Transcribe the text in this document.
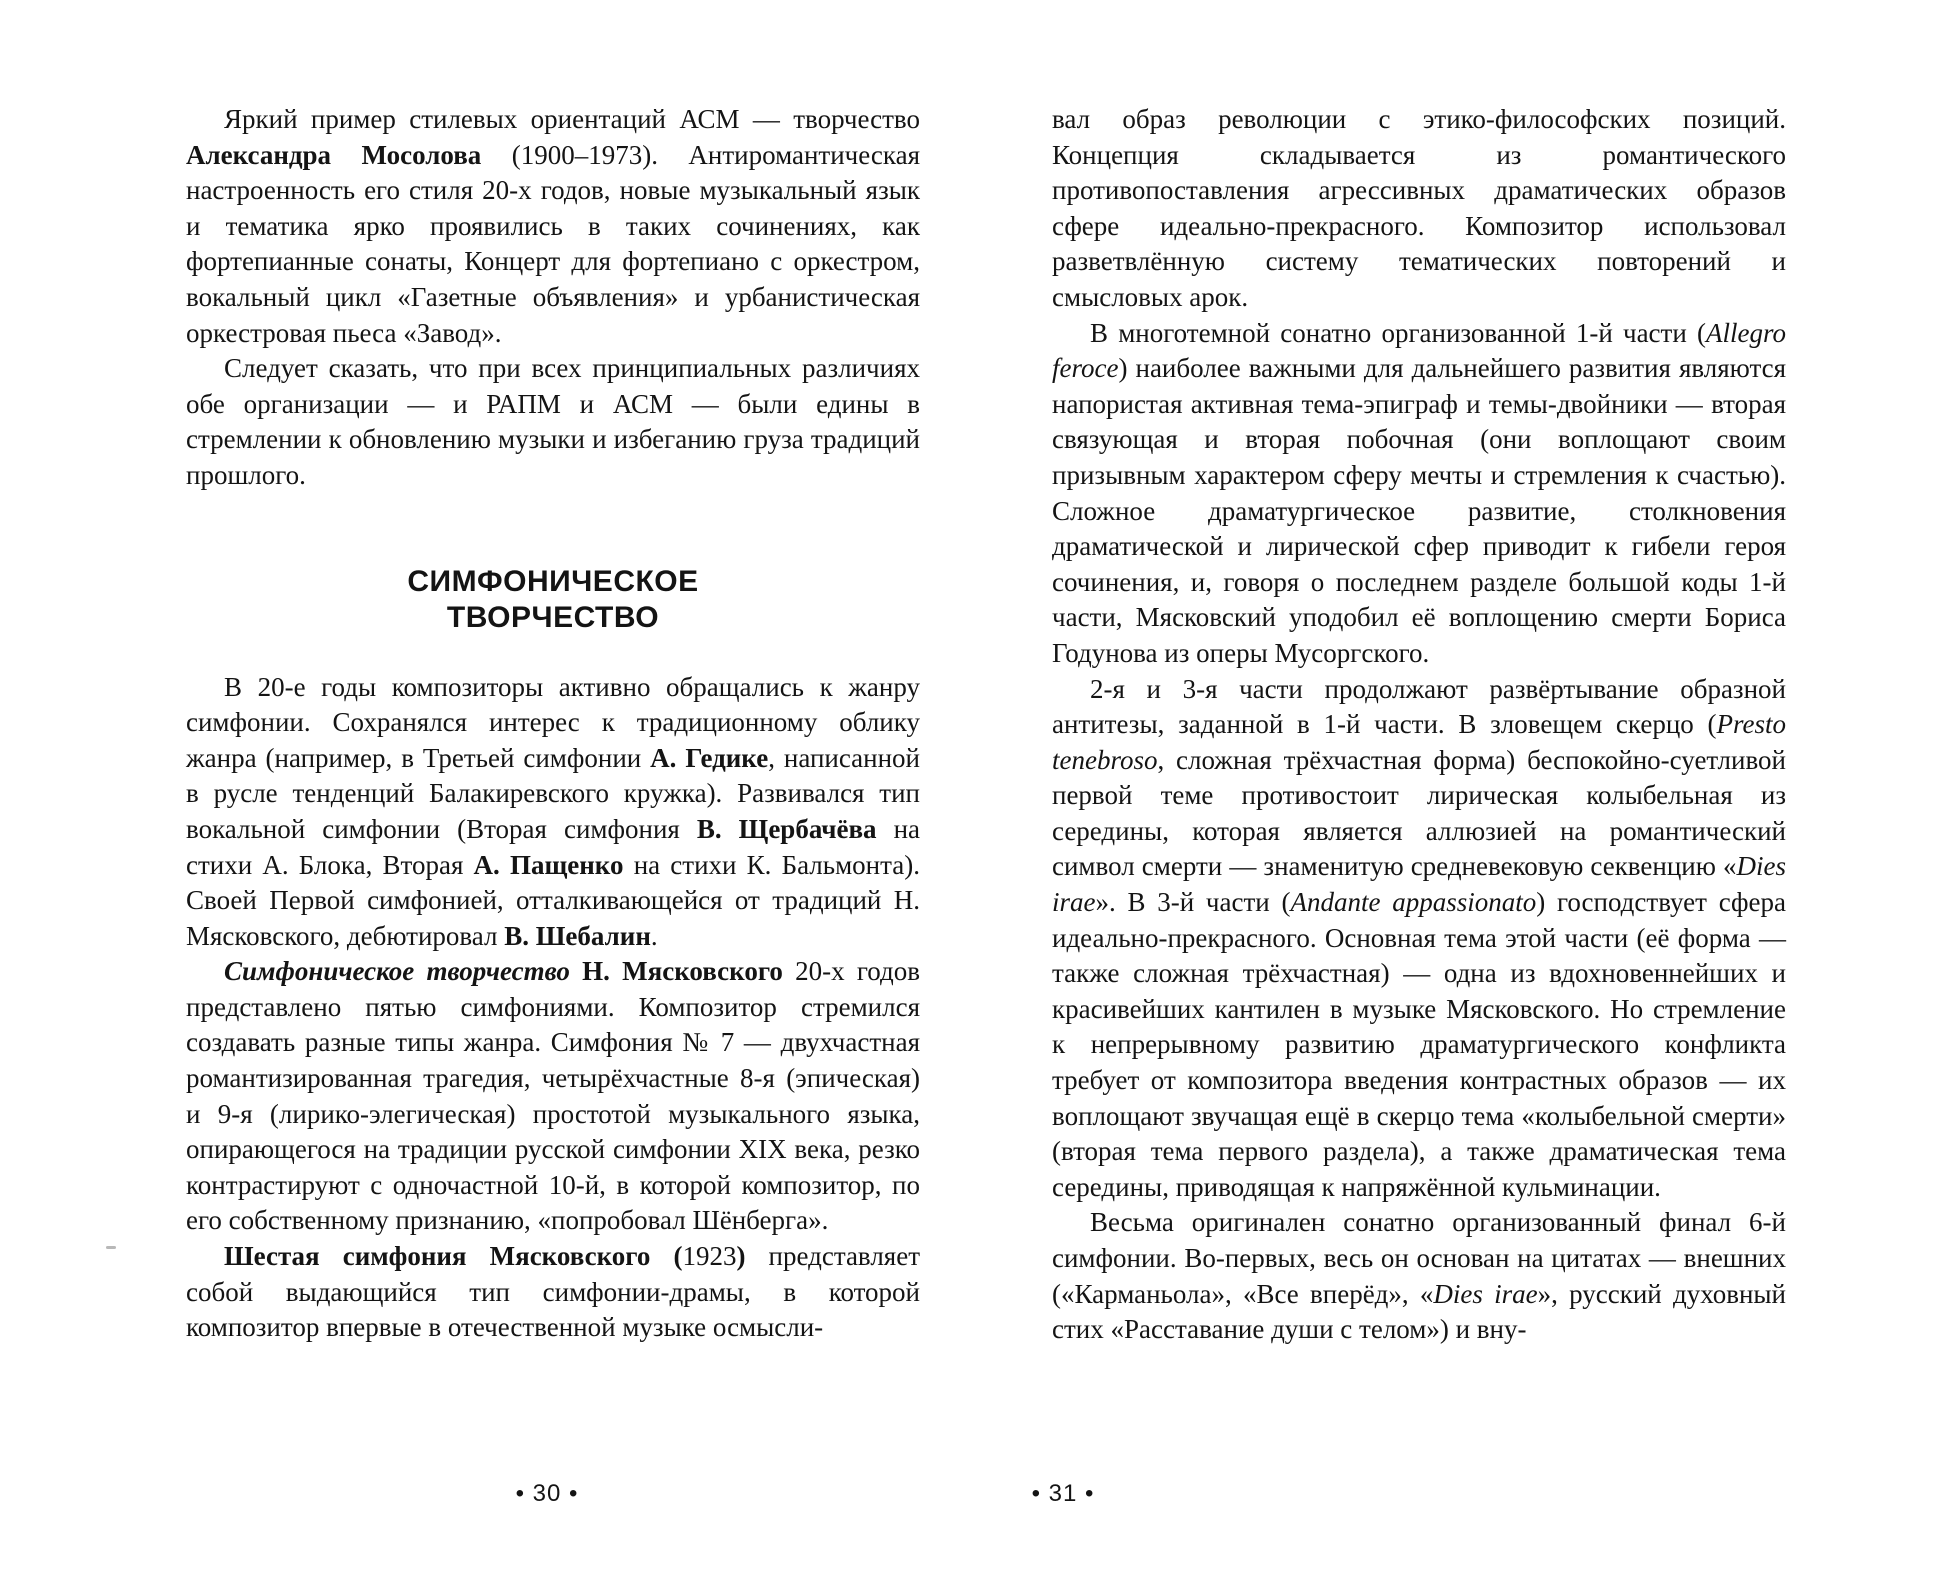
Яркий пример стилевых ориентаций АСМ — творчество Александра Мосолова (1900–1973). Антиромантическая настроенность его стиля 20-х годов, новые музыкальный язык и тематика ярко проявились в таких сочинениях, как фортепианные сонаты, Концерт для фортепиано с оркестром, вокальный цикл «Газетные объявления» и урбанистическая оркестровая пьеса «Завод».

Следует сказать, что при всех принципиальных различиях обе организации — и РАПМ и АСМ — были едины в стремлении к обновлению музыки и избеганию груза традиций прошлого.

СИМФОНИЧЕСКОЕ
ТВОРЧЕСТВО

В 20-е годы композиторы активно обращались к жанру симфонии. Сохранялся интерес к традиционному облику жанра (например, в Третьей симфонии А. Гедике, написанной в русле тенденций Балакиревского кружка). Развивался тип вокальной симфонии (Вторая симфония В. Щербачёва на стихи А. Блока, Вторая А. Пащенко на стихи К. Бальмонта). Своей Первой симфонией, отталкивающейся от традиций Н. Мясковского, дебютировал В. Шебалин.

Симфоническое творчество Н. Мясковского 20-х годов представлено пятью симфониями. Композитор стремился создавать разные типы жанра. Симфония № 7 — двухчастная романтизированная трагедия, четырёхчастные 8-я (эпическая) и 9-я (лирико-элегическая) простотой музыкального языка, опирающегося на традиции русской симфонии XIX века, резко контрастируют с одночастной 10-й, в которой композитор, по его собственному признанию, «попробовал Шёнберга».

Шестая симфония Мясковского (1923) представляет собой выдающийся тип симфонии-драмы, в которой композитор впервые в отечественной музыке осмысли-

• 30 •

вал образ революции с этико-философских позиций. Концепция складывается из романтического противопоставления агрессивных драматических образов сфере идеально-прекрасного. Композитор использовал разветвлённую систему тематических повторений и смысловых арок.

В многотемной сонатно организованной 1-й части (Allegro feroce) наиболее важными для дальнейшего развития являются напористая активная тема-эпиграф и темы-двойники — вторая связующая и вторая побочная (они воплощают своим призывным характером сферу мечты и стремления к счастью). Сложное драматургическое развитие, столкновения драматической и лирической сфер приводит к гибели героя сочинения, и, говоря о последнем разделе большой коды 1-й части, Мясковский уподобил её воплощению смерти Бориса Годунова из оперы Мусоргского.

2-я и 3-я части продолжают развёртывание образной антитезы, заданной в 1-й части. В зловещем скерцо (Presto tenebroso, сложная трёхчастная форма) беспокойно-суетливой первой теме противостоит лирическая колыбельная из середины, которая является аллюзией на романтический символ смерти — знаменитую средневековую секвенцию «Dies irae». В 3-й части (Andante appassionato) господствует сфера идеально-прекрасного. Основная тема этой части (её форма — также сложная трёхчастная) — одна из вдохновеннейших и красивейших кантилен в музыке Мясковского. Но стремление к непрерывному развитию драматургического конфликта требует от композитора введения контрастных образов — их воплощают звучащая ещё в скерцо тема «колыбельной смерти» (вторая тема первого раздела), а также драматическая тема середины, приводящая к напряжённой кульминации.

Весьма оригинален сонатно организованный финал 6-й симфонии. Во-первых, весь он основан на цитатах — внешних («Карманьола», «Все вперёд», «Dies irae», русский духовный стих «Расставание души с телом») и вну-

• 31 •
